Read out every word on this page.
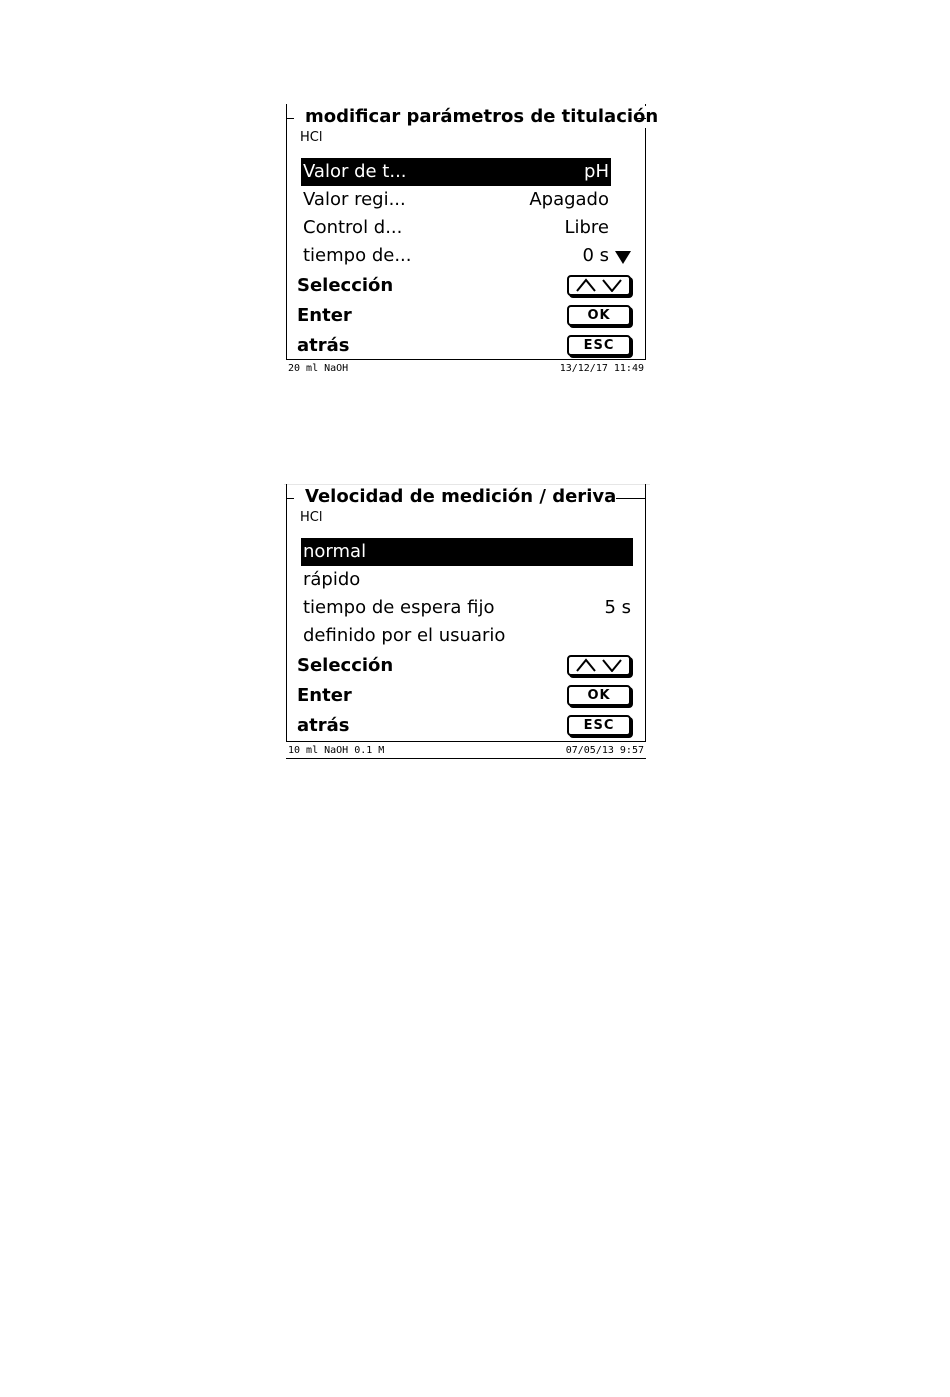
modificar parámetros de titulación
HCl
Valor de t...	pH
Valor regi...	Apagado
Control d...	Libre
tiempo de...	0 s
Selección
Enter	OK
atrás	ESC
20 ml NaOH	13/12/17 11:49
Velocidad de medición / deriva
HCl
normal
rápido
tiempo de espera fijo	5 s
definido por el usuario
Selección
Enter	OK
atrás	ESC
10 ml NaOH 0.1 M	07/05/13 9:57
